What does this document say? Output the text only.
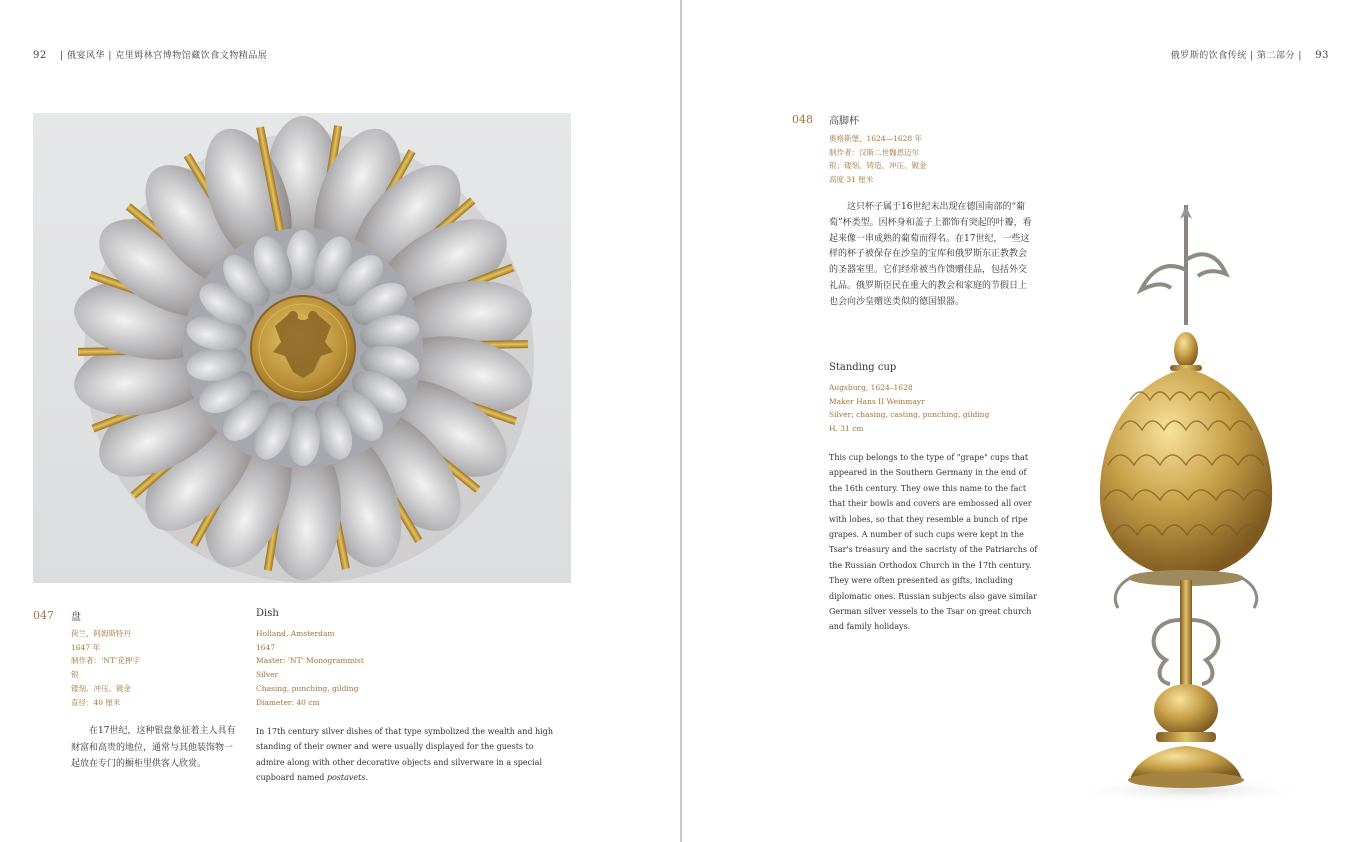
92 | 俄宴风华 | 克里姆林宫博物馆藏饮食文物精品展
047 盘
荷兰，阿姆斯特丹
1647 年
制作者：‘NT’花押字
银
镂刻、冲压、镀金
直径：40 厘米
在17世纪，这种银盘象征着主人具有财富和高贵的地位，通常与其他装饰物一起放在专门的橱柜里供客人欣赏。
Dish
Holland, Amsterdam
1647
Master: 'NT' Monogrammist
Silver
Chasing, punching, gilding
Diameter: 40 cm
In 17th century silver dishes of that type symbolized the wealth and high standing of their owner and were usually displayed for the guests to admire along with other decorative objects and silverware in a special cupboard named postavets.
俄罗斯的饮食传统 | 第二部分 | 93
048 高脚杯
奥格斯堡，1624—1628 年
制作者：汉斯二世魏恩迈尔
银；镂刻、铸造、冲压、镀金
高度 31 厘米
这只杯子属于16世纪末出现在德国南部的“葡萄”杯类型。因杯身和盖子上都饰有突起的叶瓣，看起来像一串成熟的葡萄而得名。在17世纪，一些这样的杯子被保存在沙皇的宝库和俄罗斯东正教教会的圣器室里。它们经常被当作馈赠佳品，包括外交礼品。俄罗斯臣民在重大的教会和家庭的节假日上也会向沙皇赠送类似的德国银器。
Standing cup
Augsburg, 1624–1628
Maker Hans II Weinmayr
Silver; chasing, casting, punching, gilding
H. 31 cm
This cup belongs to the type of "grape" cups that appeared in the Southern Germany in the end of the 16th century. They owe this name to the fact that their bowls and covers are embossed all over with lobes, so that they resemble a bunch of ripe grapes. A number of such cups were kept in the Tsar's treasury and the sacristy of the Patriarchs of the Russian Orthodox Church in the 17th century. They were often presented as gifts, including diplomatic ones. Russian subjects also gave similar German silver vessels to the Tsar on great church and family holidays.
